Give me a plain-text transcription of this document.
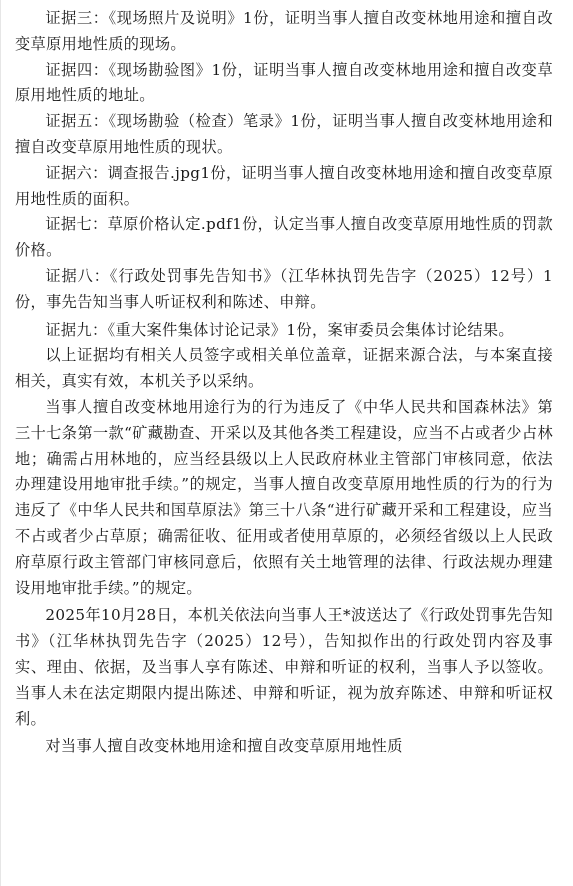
证据三：《现场照片及说明》1份，证明当事人擅自改变林地用途和擅自改变草原用地性质的现场。

证据四：《现场勘验图》1份，证明当事人擅自改变林地用途和擅自改变草原用地性质的地址。

证据五：《现场勘验（检查）笔录》1份，证明当事人擅自改变林地用途和擅自改变草原用地性质的现状。

证据六：调查报告.jpg1份，证明当事人擅自改变林地用途和擅自改变草原用地性质的面积。

证据七：草原价格认定.pdf1份，认定当事人擅自改变草原用地性质的罚款价格。

证据八：《行政处罚事先告知书》（江华林执罚先告字（2025）12号）1份，事先告知当事人听证权利和陈述、申辩。

证据九：《重大案件集体讨论记录》1份，案审委员会集体讨论结果。

以上证据均有相关人员签字或相关单位盖章，证据来源合法，与本案直接相关，真实有效，本机关予以采纳。

当事人擅自改变林地用途行为的行为违反了《中华人民共和国森林法》第三十七条第一款“矿藏勘查、开采以及其他各类工程建设，应当不占或者少占林地；确需占用林地的，应当经县级以上人民政府林业主管部门审核同意，依法办理建设用地审批手续。”的规定，当事人擅自改变草原用地性质的行为的行为违反了《中华人民共和国草原法》第三十八条“进行矿藏开采和工程建设，应当不占或者少占草原；确需征收、征用或者使用草原的，必须经省级以上人民政府草原行政主管部门审核同意后，依照有关土地管理的法律、行政法规办理建设用地审批手续。”的规定。

2025年10月28日，本机关依法向当事人王*波送达了《行政处罚事先告知书》（江华林执罚先告字（2025）12号），告知拟作出的行政处罚内容及事实、理由、依据，及当事人享有陈述、申辩和听证的权利，当事人予以签收。当事人未在法定期限内提出陈述、申辩和听证，视为放弃陈述、申辩和听证权利。

对当事人擅自改变林地用途和擅自改变草原用地性质
